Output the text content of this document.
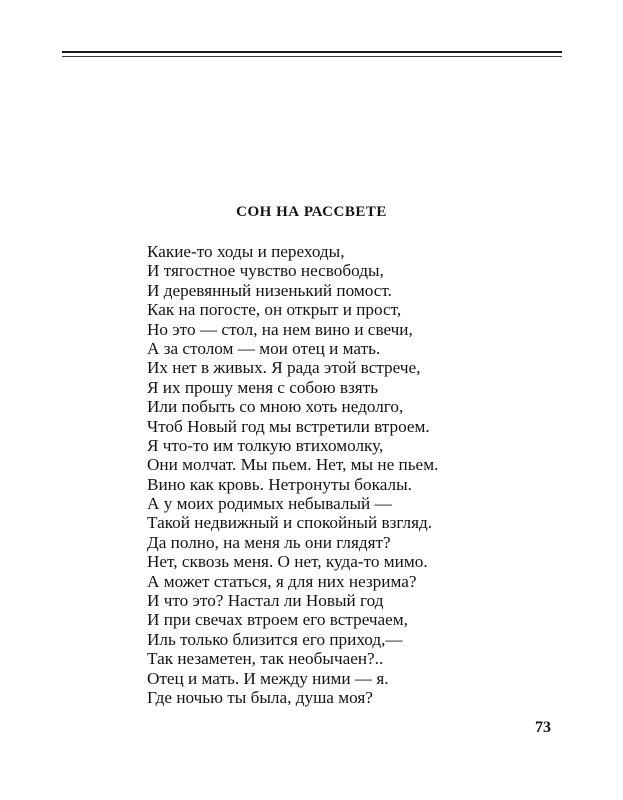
СОН НА РАССВЕТЕ
Какие-то ходы и переходы,
И тягостное чувство несвободы,
И деревянный низенький помост.
Как на погосте, он открыт и прост,
Но это — стол, на нем вино и свечи,
А за столом — мои отец и мать.
Их нет в живых. Я рада этой встрече,
Я их прошу меня с собою взять
Или побыть со мною хоть недолго,
Чтоб Новый год мы встретили втроем.
Я что-то им толкую втихомолку,
Они молчат. Мы пьем. Нет, мы не пьем.
Вино как кровь. Нетронуты бокалы.
А у моих родимых небывалый —
Такой недвижный и спокойный взгляд.
Да полно, на меня ль они глядят?
Нет, сквозь меня. О нет, куда-то мимо.
А может статься, я для них незрима?
И что это? Настал ли Новый год
И при свечах втроем его встречаем,
Иль только близится его приход,—
Так незаметен, так необычаен?..
Отец и мать. И между ними — я.
Где ночью ты была, душа моя?
73
